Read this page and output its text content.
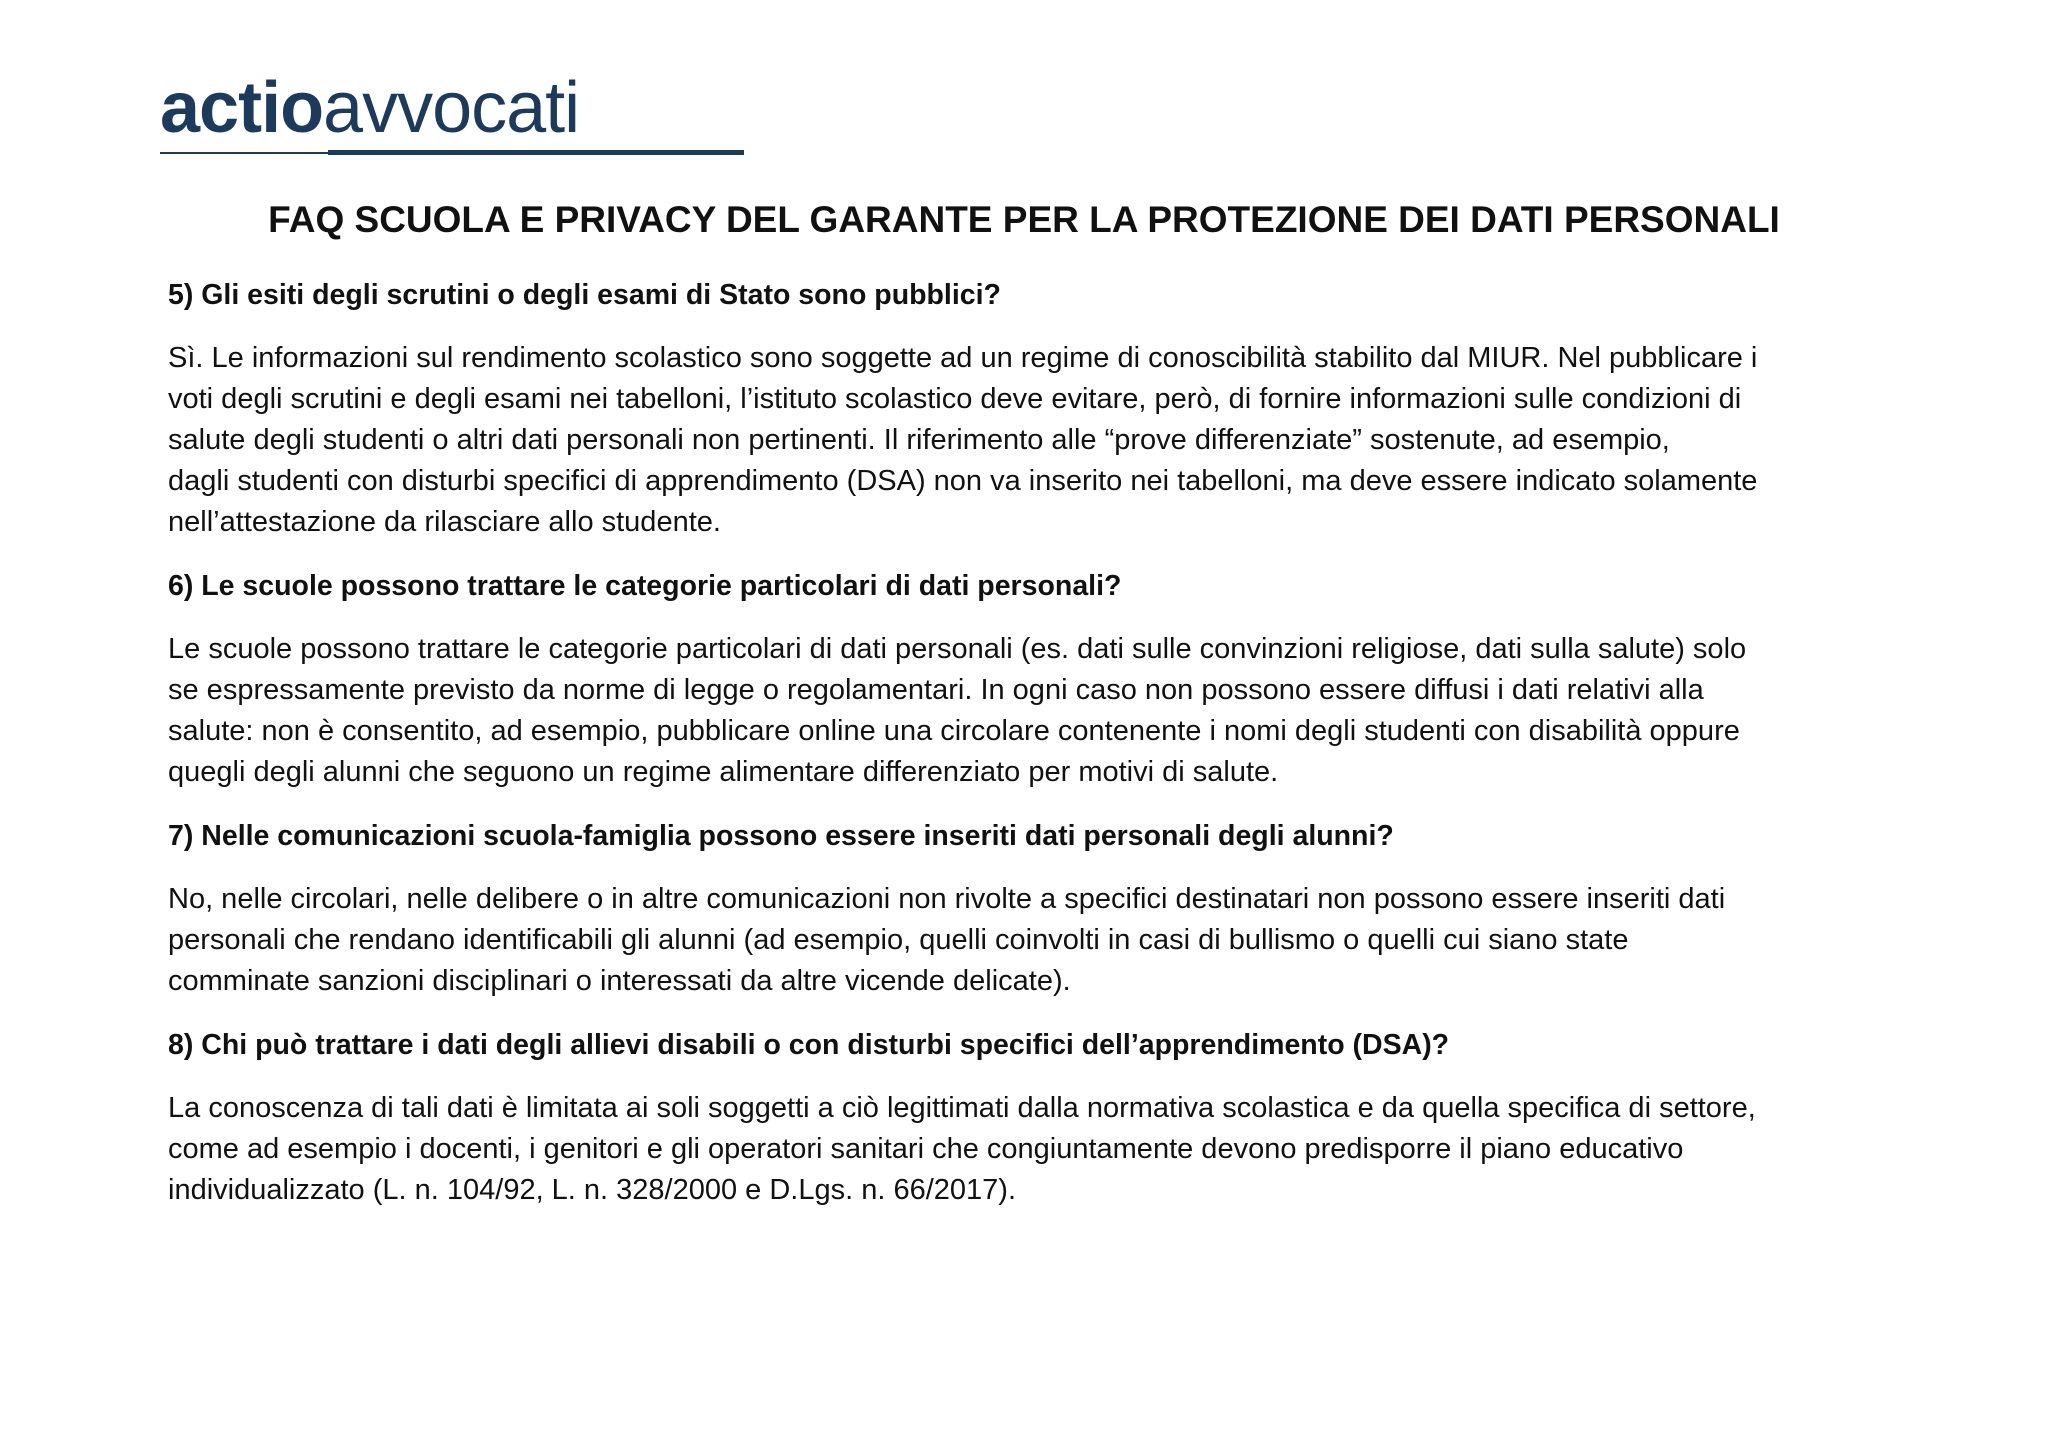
actioavvocati
FAQ SCUOLA E PRIVACY DEL GARANTE PER LA PROTEZIONE DEI DATI PERSONALI

5) Gli esiti degli scrutini o degli esami di Stato sono pubblici?

Sì. Le informazioni sul rendimento scolastico sono soggette ad un regime di conoscibilità stabilito dal MIUR. Nel pubblicare i
voti degli scrutini e degli esami nei tabelloni, l’istituto scolastico deve evitare, però, di fornire informazioni sulle condizioni di
salute degli studenti o altri dati personali non pertinenti. Il riferimento alle “prove differenziate” sostenute, ad esempio,
dagli studenti con disturbi specifici di apprendimento (DSA) non va inserito nei tabelloni, ma deve essere indicato solamente
nell’attestazione da rilasciare allo studente.

6) Le scuole possono trattare le categorie particolari di dati personali?

Le scuole possono trattare le categorie particolari di dati personali (es. dati sulle convinzioni religiose, dati sulla salute) solo
se espressamente previsto da norme di legge o regolamentari. In ogni caso non possono essere diffusi i dati relativi alla
salute: non è consentito, ad esempio, pubblicare online una circolare contenente i nomi degli studenti con disabilità oppure
quegli degli alunni che seguono un regime alimentare differenziato per motivi di salute.

7) Nelle comunicazioni scuola-famiglia possono essere inseriti dati personali degli alunni?

No, nelle circolari, nelle delibere o in altre comunicazioni non rivolte a specifici destinatari non possono essere inseriti dati
personali che rendano identificabili gli alunni (ad esempio, quelli coinvolti in casi di bullismo o quelli cui siano state
comminate sanzioni disciplinari o interessati da altre vicende delicate).

8) Chi può trattare i dati degli allievi disabili o con disturbi specifici dell’apprendimento (DSA)?

La conoscenza di tali dati è limitata ai soli soggetti a ciò legittimati dalla normativa scolastica e da quella specifica di settore,
come ad esempio i docenti, i genitori e gli operatori sanitari che congiuntamente devono predisporre il piano educativo
individualizzato (L. n. 104/92, L. n. 328/2000 e D.Lgs. n. 66/2017).
